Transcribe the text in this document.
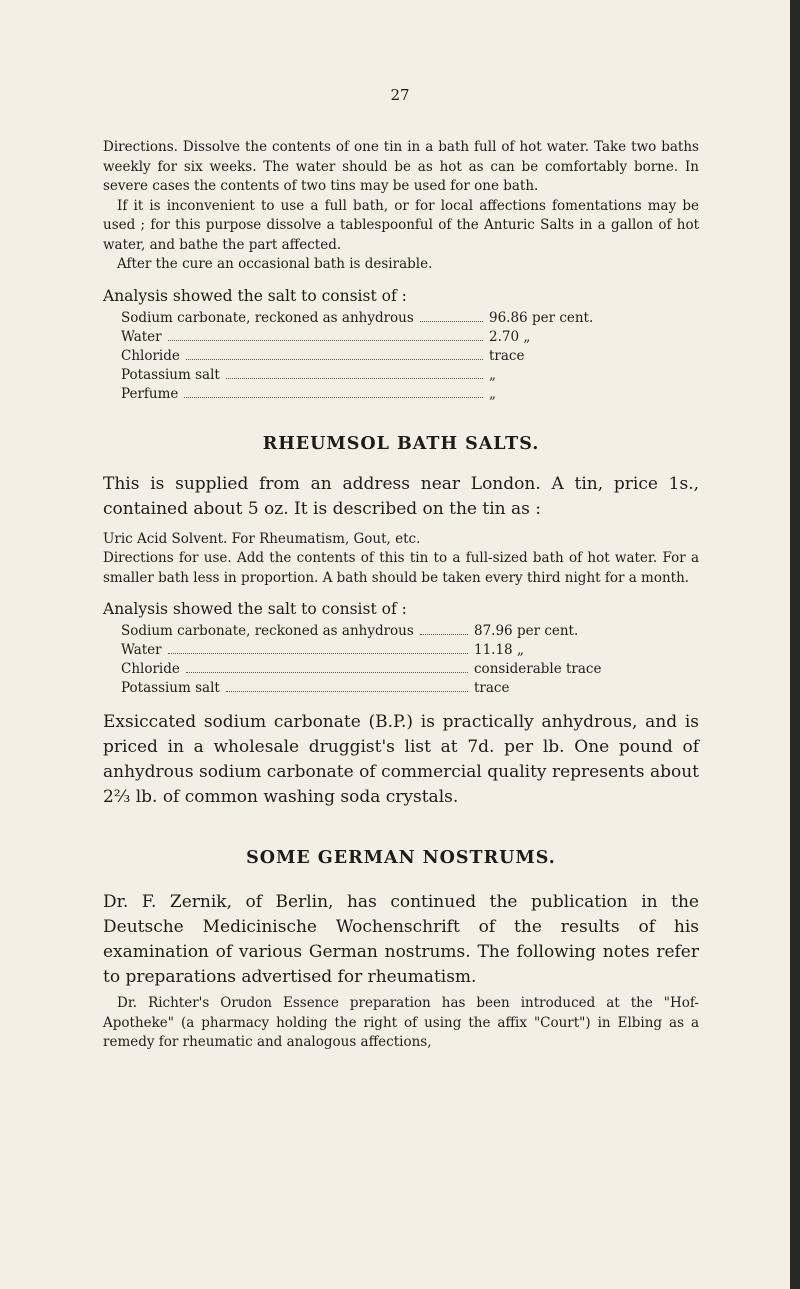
27

Directions. Dissolve the contents of one tin in a bath full of hot water. Take two baths weekly for six weeks. The water should be as hot as can be comfortably borne. In severe cases the contents of two tins may be used for one bath.

If it is inconvenient to use a full bath, or for local affections fomentations may be used ; for this purpose dissolve a tablespoonful of the Anturic Salts in a gallon of hot water, and bathe the part affected.

After the cure an occasional bath is desirable.

Analysis showed the salt to consist of :

Sodium carbonate, reckoned as anhydrous	96.86 per cent.
Water	2.70 „
Chloride	trace
Potassium salt	„
Perfume	„
RHEUMSOL BATH SALTS.

This is supplied from an address near London. A tin, price 1s., contained about 5 oz. It is described on the tin as :

Uric Acid Solvent. For Rheumatism, Gout, etc.

Directions for use. Add the contents of this tin to a full-sized bath of hot water. For a smaller bath less in proportion. A bath should be taken every third night for a month.

Analysis showed the salt to consist of :

Sodium carbonate, reckoned as anhydrous	87.96 per cent.
Water	11.18 „
Chloride	considerable trace
Potassium salt	trace

Exsiccated sodium carbonate (B.P.) is practically anhydrous, and is priced in a wholesale druggist's list at 7d. per lb. One pound of anhydrous sodium carbonate of commercial quality represents about 2⅔ lb. of common washing soda crystals.

SOME GERMAN NOSTRUMS.

Dr. F. Zernik, of Berlin, has continued the publication in the Deutsche Medicinische Wochenschrift of the results of his examination of various German nostrums. The following notes refer to preparations advertised for rheumatism.

Dr. Richter's Orudon Essence preparation has been introduced at the "Hof-Apotheke" (a pharmacy holding the right of using the affix "Court") in Elbing as a remedy for rheumatic and analogous affections,
